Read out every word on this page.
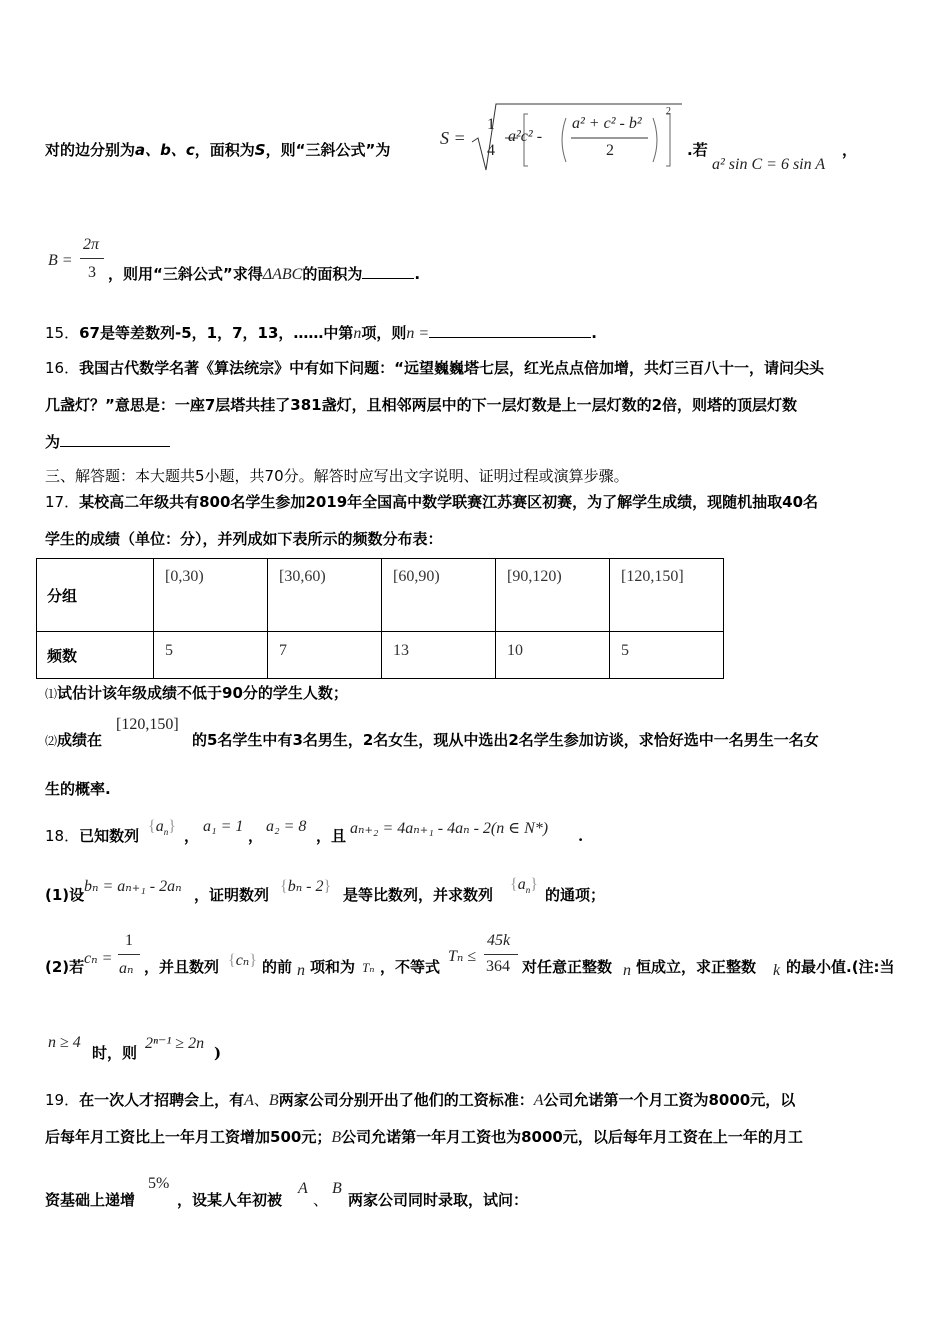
对的边分别为a、b、c，面积为S，则“三斜公式”为
S =
1
4
a²c² -
a² + c² - b²
2
2
.若
a² sin C = 6 sin A
，
B =
2π
3 ，则用“三斜公式”求得ΔABC的面积为	.
15．67是等差数列-5，1，7，13，……中第n项，则n =	.
16．我国古代数学名著《算法统宗》中有如下问题：“远望巍巍塔七层，红光点点倍加增，共灯三百八十一，请问尖头
几盏灯？”意思是：一座7层塔共挂了381盏灯，且相邻两层中的下一层灯数是上一层灯数的2倍，则塔的顶层灯数
为
三、解答题：本大题共5小题，共70分。解答时应写出文字说明、证明过程或演算步骤。
17．某校高二年级共有800名学生参加2019年全国高中数学联赛江苏赛区初赛，为了解学生成绩，现随机抽取40名
学生的成绩（单位：分），并列成如下表所示的频数分布表：
分组	[0,30)	[30,60)	[60,90)	[90,120)	[120,150]

频数	5	7	13	10	5
⑴试估计该年级成绩不低于90分的学生人数；
⑵成绩在
[120,150]
的5名学生中有3名男生，2名女生，现从中选出2名学生参加访谈，求恰好选中一名男生一名女
生的概率.
18．已知数列
$\{a_n\}$
，
a₁ = 1
，
a₂ = 8
，且 aₙ₊₂ = 4aₙ₊₁ - 4aₙ - 2(n ∈ N*) .
(1)设 bₙ = aₙ₊₁ - 2aₙ ，证明数列 {bₙ - 2} 是等比数列，并求数列
$\{a_n\}$
的通项；
(2)若 cₙ =
1
aₙ ，并且数列 {cₙ} 的前 n 项和为 Tₙ ，不等式
Tₙ ≤
45k
364 对任意正整数 n 恒成立，求正整数 k 的最小值.(注:当
n ≥ 4
时，则
2ⁿ⁻¹ ≥ 2n
)
19．在一次人才招聘会上，有A、B两家公司分别开出了他们的工资标准：A公司允诺第一个月工资为8000元，以
后每年月工资比上一年月工资增加500元；B公司允诺第一年月工资也为8000元，以后每年月工资在上一年的月工
资基础上递增
5%
，设某人年初被
A
、
B
两家公司同时录取，试问：
